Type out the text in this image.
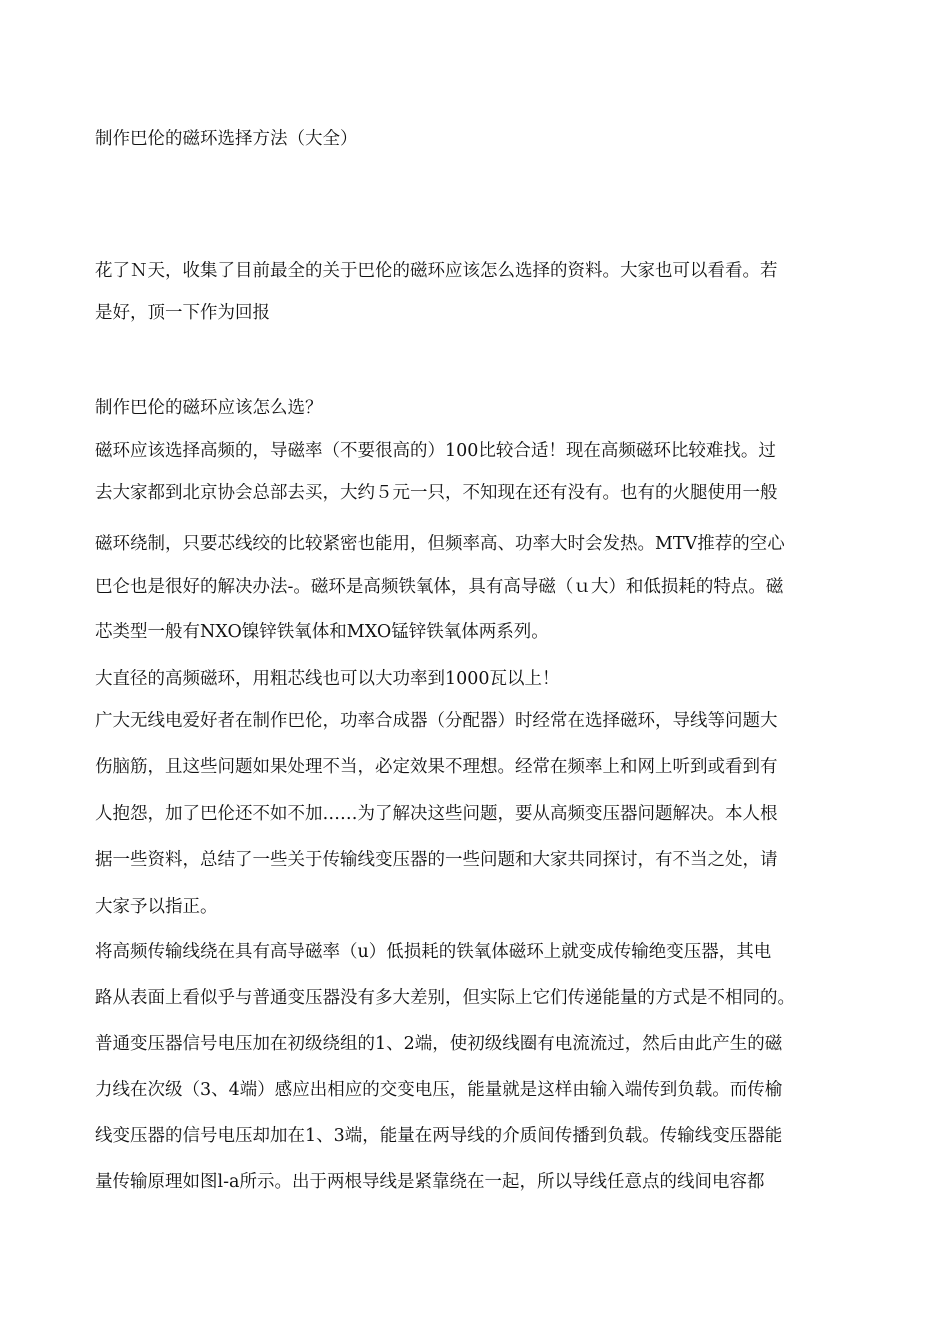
制作巴伦的磁环选择方法（大全）
花了Ｎ天，收集了目前最全的关于巴伦的磁环应该怎么选择的资料。大家也可以看看。若
是好，顶一下作为回报
制作巴伦的磁环应该怎么选？
磁环应该选择高频的，导磁率（不要很高的）100比较合适！现在高频磁环比较难找。过
去大家都到北京协会总部去买，大约５元一只，不知现在还有没有。也有的火腿使用一般
磁环绕制，只要芯线绞的比较紧密也能用，但频率高、功率大时会发热。MTV推荐的空心
巴仑也是很好的解决办法-。磁环是高频铁氧体，具有高导磁（ｕ大）和低损耗的特点。磁
芯类型一般有NXO镍锌铁氧体和MXO锰锌铁氧体两系列。
大直径的高频磁环，用粗芯线也可以大功率到1000瓦以上！
广大无线电爱好者在制作巴伦，功率合成器（分配器）时经常在选择磁环，导线等问题大
伤脑筋，且这些问题如果处理不当，必定效果不理想。经常在频率上和网上听到或看到有
人抱怨，加了巴伦还不如不加……为了解决这些问题，要从高频变压器问题解决。本人根
据一些资料，总结了一些关于传输线变压器的一些问题和大家共同探讨，有不当之处，请
大家予以指正。
将高频传输线绕在具有高导磁率（u）低损耗的铁氧体磁环上就变成传输绝变压器，其电
路从表面上看似乎与普通变压器没有多大差别，但实际上它们传递能量的方式是不相同的。
普通变压器信号电压加在初级绕组的1、2端，使初级线圈有电流流过，然后由此产生的磁
力线在次级（3、4端）感应出相应的交变电压，能量就是这样由输入端传到负载。而传榆
线变压器的信号电压却加在1、3端，能量在两导线的介质间传播到负载。传输线变压器能
量传输原理如图l-a所示。出于两根导线是紧靠绕在一起，所以导线任意点的线间电容都
